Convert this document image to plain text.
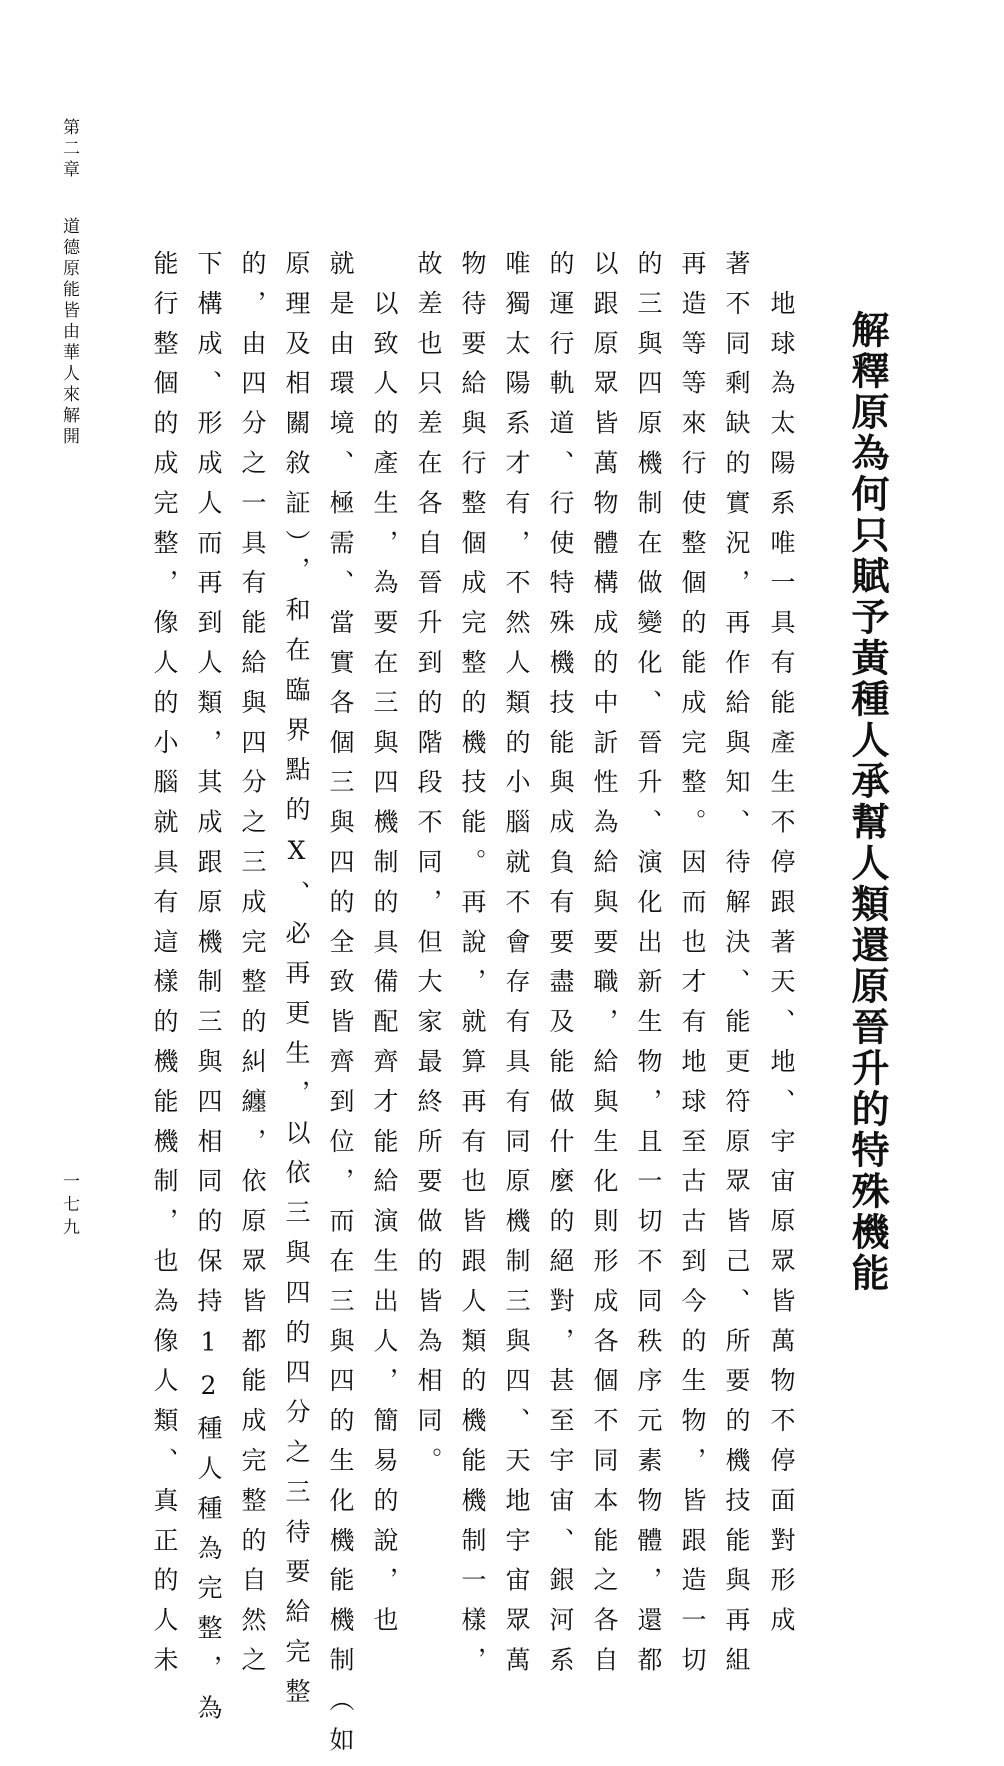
解釋原為何只賦予黃種人承幫人類還原晉升的特殊機能
　地球為太陽系唯一具有能產生不停跟著天、地、宇宙原眾皆萬物不停面對形成
著不同剩缺的實況，再作給與知、待解決、能更符原眾皆己、所要的機技能與再組
再造等等來行使整個的能成完整。因而也才有地球至古古到今的生物，皆跟造一切
的三與四原機制在做變化、晉升、演化出新生物，且一切不同秩序元素物體，還都
以跟原眾皆萬物體構成的中訢性為給與要職，給與生化則形成各個不同本能之各自
的運行軌道、行使特殊機技能與成負有要盡及能做什麼的絕對，甚至宇宙、銀河系
唯獨太陽系才有，不然人類的小腦就不會存有具有同原機制三與四、天地宇宙眾萬
物待要給與行整個成完整的機技能。再說，就算再有也皆跟人類的機能機制一樣，
故差也只差在各自晉升到的階段不同，但大家最終所要做的皆為相同。
　以致人的產生，為要在三與四機制的具備配齊才能給演生出人，簡易的說，也
就是由環境、極需、當實各個三與四的全致皆齊到位，而在三與四的生化機能機制（如
原理及相關敘証），和在臨界點的X、必再更生，以依三與四的四分之三待要給完整
的，由四分之一具有能給與四分之三成完整的糾纏，依原眾皆都能成完整的自然之
下構成、形成人而再到人類，其成跟原機制三與四相同的保持12種人種為完整，為
能行整個的成完整，像人的小腦就具有這樣的機能機制，也為像人類、真正的人未
第二章道德原能皆由華人來解開
一七九
